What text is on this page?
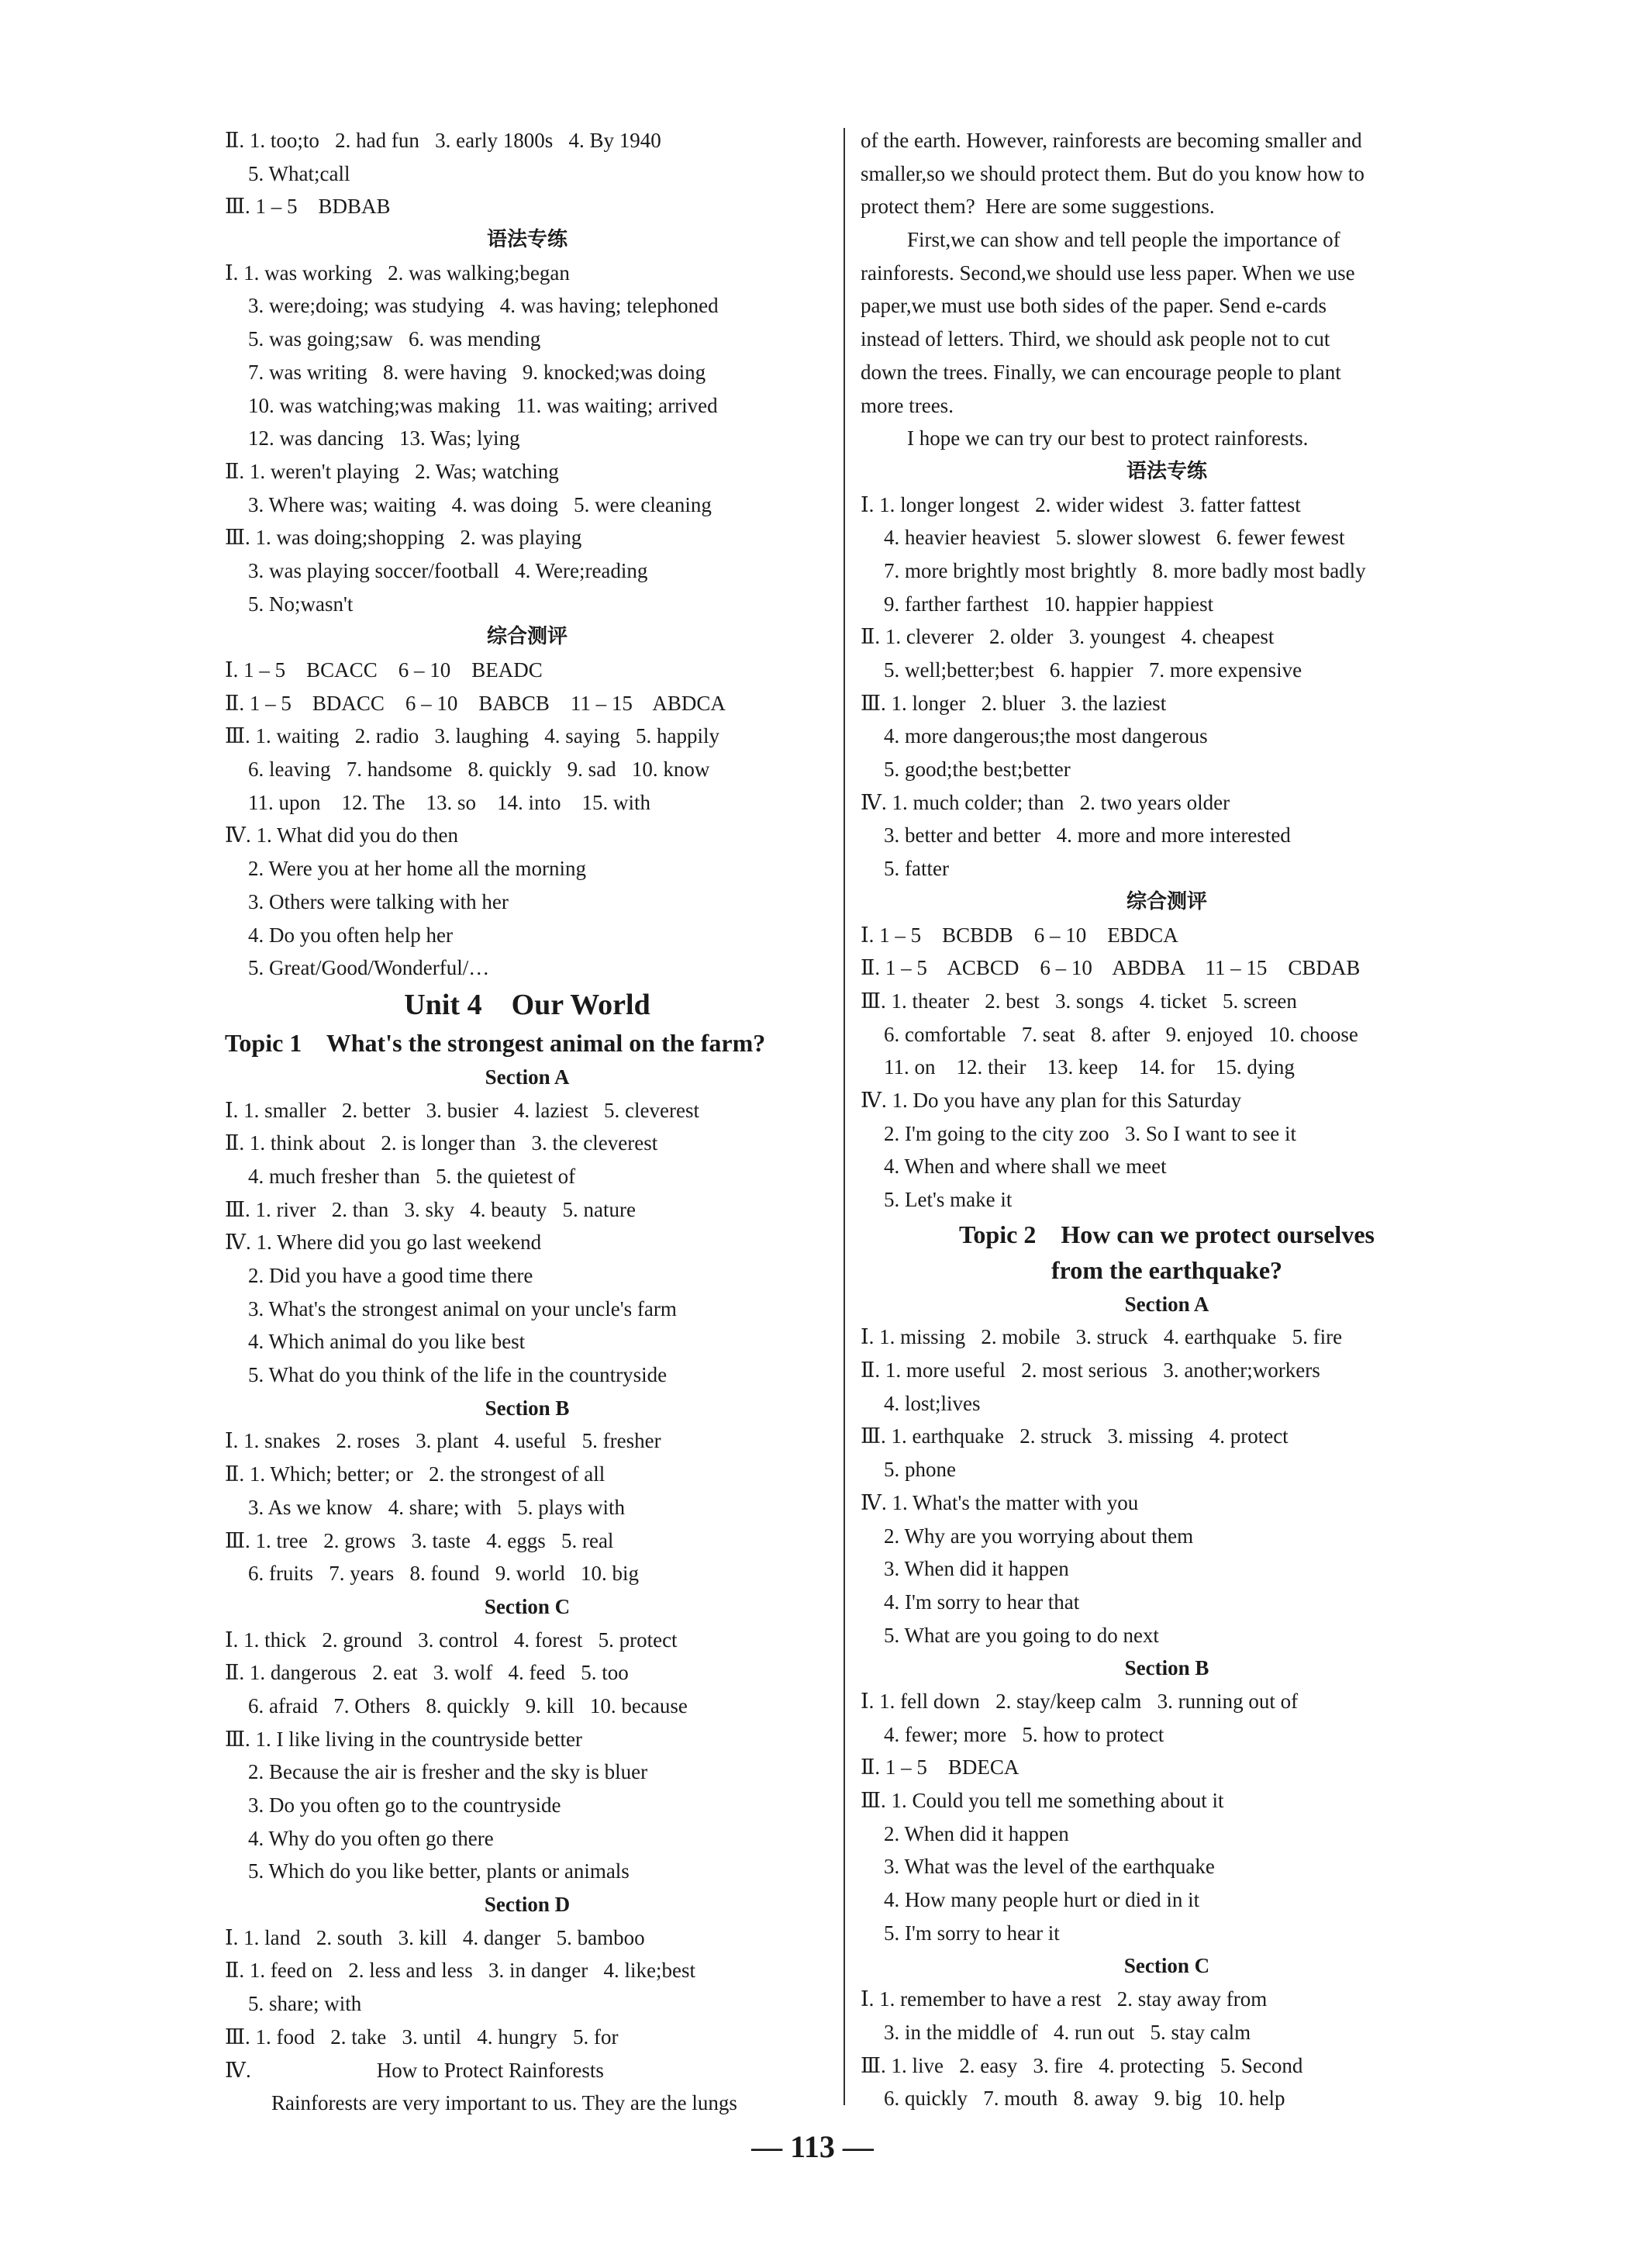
Ⅱ. 1. too;to   2. had fun   3. early 1800s   4. By 1940
5. What;call
Ⅲ. 1 – 5    BDBAB
语法专练
Ⅰ. 1. was working   2. was walking;began
3. were;doing; was studying   4. was having; telephoned
5. was going;saw   6. was mending
7. was writing   8. were having   9. knocked;was doing
10. was watching;was making   11. was waiting; arrived
12. was dancing   13. Was; lying
Ⅱ. 1. weren't playing   2. Was; watching
3. Where was; waiting   4. was doing   5. were cleaning
Ⅲ. 1. was doing;shopping   2. was playing
3. was playing soccer/football   4. Were;reading
5. No;wasn't
综合测评
Ⅰ. 1 – 5    BCACC    6 – 10    BEADC
Ⅱ. 1 – 5    BDACC    6 – 10    BABCB    11 – 15    ABDCA
Ⅲ. 1. waiting   2. radio   3. laughing   4. saying   5. happily
6. leaving   7. handsome   8. quickly   9. sad   10. know
11. upon    12. The    13. so    14. into    15. with
Ⅳ. 1. What did you do then
2. Were you at her home all the morning
3. Others were talking with her
4. Do you often help her
5. Great/Good/Wonderful/…
Unit 4    Our World
Topic 1    What's the strongest animal on the farm?
Section A
Ⅰ. 1. smaller   2. better   3. busier   4. laziest   5. cleverest
Ⅱ. 1. think about   2. is longer than   3. the cleverest
4. much fresher than   5. the quietest of
Ⅲ. 1. river   2. than   3. sky   4. beauty   5. nature
Ⅳ. 1. Where did you go last weekend
2. Did you have a good time there
3. What's the strongest animal on your uncle's farm
4. Which animal do you like best
5. What do you think of the life in the countryside
Section B
Ⅰ. 1. snakes   2. roses   3. plant   4. useful   5. fresher
Ⅱ. 1. Which; better; or   2. the strongest of all
3. As we know   4. share; with   5. plays with
Ⅲ. 1. tree   2. grows   3. taste   4. eggs   5. real
6. fruits   7. years   8. found   9. world   10. big
Section C
Ⅰ. 1. thick   2. ground   3. control   4. forest   5. protect
Ⅱ. 1. dangerous   2. eat   3. wolf   4. feed   5. too
6. afraid   7. Others   8. quickly   9. kill   10. because
Ⅲ. 1. I like living in the countryside better
2. Because the air is fresher and the sky is bluer
3. Do you often go to the countryside
4. Why do you often go there
5. Which do you like better, plants or animals
Section D
Ⅰ. 1. land   2. south   3. kill   4. danger   5. bamboo
Ⅱ. 1. feed on   2. less and less   3. in danger   4. like;best
5. share; with
Ⅲ. 1. food   2. take   3. until   4. hungry   5. for
Ⅳ.                        How to Protect Rainforests
Rainforests are very important to us. They are the lungs
of the earth. However, rainforests are becoming smaller and
smaller,so we should protect them. But do you know how to
protect them?  Here are some suggestions.
First,we can show and tell people the importance of
rainforests. Second,we should use less paper. When we use
paper,we must use both sides of the paper. Send e-cards
instead of letters. Third, we should ask people not to cut
down the trees. Finally, we can encourage people to plant
more trees.
I hope we can try our best to protect rainforests.
语法专练
Ⅰ. 1. longer longest   2. wider widest   3. fatter fattest
4. heavier heaviest   5. slower slowest   6. fewer fewest
7. more brightly most brightly   8. more badly most badly
9. farther farthest   10. happier happiest
Ⅱ. 1. cleverer   2. older   3. youngest   4. cheapest
5. well;better;best   6. happier   7. more expensive
Ⅲ. 1. longer   2. bluer   3. the laziest
4. more dangerous;the most dangerous
5. good;the best;better
Ⅳ. 1. much colder; than   2. two years older
3. better and better   4. more and more interested
5. fatter
综合测评
Ⅰ. 1 – 5    BCBDB    6 – 10    EBDCA
Ⅱ. 1 – 5    ACBCD    6 – 10    ABDBA    11 – 15    CBDAB
Ⅲ. 1. theater   2. best   3. songs   4. ticket   5. screen
6. comfortable   7. seat   8. after   9. enjoyed   10. choose
11. on    12. their    13. keep    14. for    15. dying
Ⅳ. 1. Do you have any plan for this Saturday
2. I'm going to the city zoo   3. So I want to see it
4. When and where shall we meet
5. Let's make it
Topic 2    How can we protect ourselves
from the earthquake?
Section A
Ⅰ. 1. missing   2. mobile   3. struck   4. earthquake   5. fire
Ⅱ. 1. more useful   2. most serious   3. another;workers
4. lost;lives
Ⅲ. 1. earthquake   2. struck   3. missing   4. protect
5. phone
Ⅳ. 1. What's the matter with you
2. Why are you worrying about them
3. When did it happen
4. I'm sorry to hear that
5. What are you going to do next
Section B
Ⅰ. 1. fell down   2. stay/keep calm   3. running out of
4. fewer; more   5. how to protect
Ⅱ. 1 – 5    BDECA
Ⅲ. 1. Could you tell me something about it
2. When did it happen
3. What was the level of the earthquake
4. How many people hurt or died in it
5. I'm sorry to hear it
Section C
Ⅰ. 1. remember to have a rest   2. stay away from
3. in the middle of   4. run out   5. stay calm
Ⅲ. 1. live   2. easy   3. fire   4. protecting   5. Second
6. quickly   7. mouth   8. away   9. big   10. help
— 113 —
